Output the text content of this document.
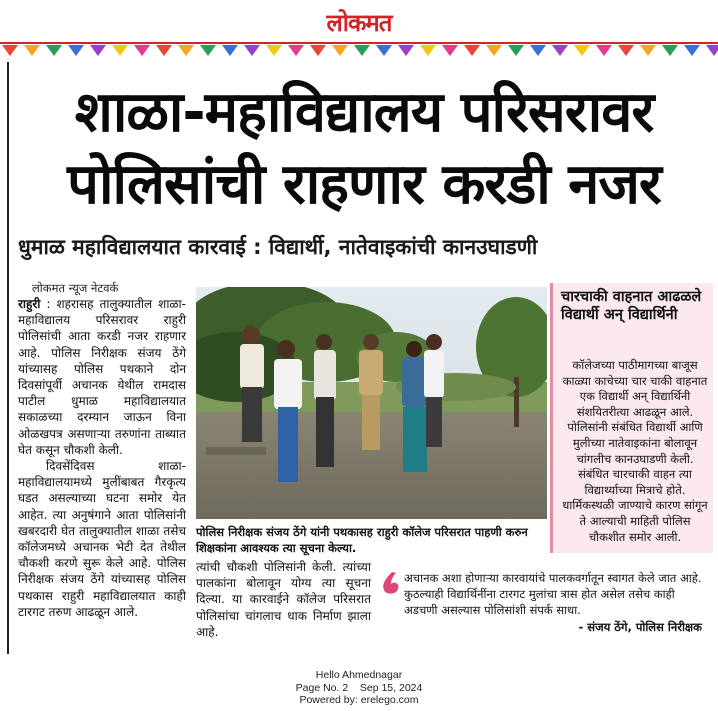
लोकमत
शाळा-महाविद्यालय परिसरावर
पोलिसांची राहणार करडी नजर
धुमाळ महाविद्यालयात कारवाई : विद्यार्थी, नातेवाइकांची कानउघाडणी
लोकमत न्यूज नेटवर्क

राहुरी : शहरासह तालुक्यातील शाळा-महाविद्यालय परिसरावर राहुरी पोलिसांची आता करडी नजर राहणार आहे. पोलिस निरीक्षक संजय ठेंगे यांच्यासह पोलिस पथकाने दोन दिवसांपूर्वी अचानक येथील रामदास पाटील धुमाळ महाविद्यालयात सकाळच्या दरम्यान जाऊन विना ओळखपत्र असणाऱ्या तरुणांना ताब्यात घेत कसून चौकशी केली.

दिवसेंदिवस शाळा-महाविद्यालयामध्ये मुलींबाबत गैरकृत्य घडत असल्याच्या घटना समोर येत आहेत. त्या अनुषंगाने आता पोलिसांनी खबरदारी घेत तालुक्यातील शाळा तसेच कॉलेजमध्ये अचानक भेटी देत तेथील चौकशी करणे सुरू केले आहे. पोलिस निरीक्षक संजय ठेंगे यांच्यासह पोलिस पथकास राहुरी महाविद्यालयात काही टारगट तरुण आढळून आले.

पोलिस निरीक्षक संजय ठेंगे यांनी पथकासह राहुरी कॉलेज परिसरात पाहणी करुन शिक्षकांना आवश्यक त्या सूचना केल्या.
त्यांची चौकशी पोलिसांनी केली. त्यांच्या पालकांना बोलावून योग्य त्या सूचना दिल्या. या कारवाईने कॉलेज परिसरात पोलिसांचा चांगलाच धाक निर्माण झाला आहे.
चारचाकी वाहनात आढळले विद्यार्थी अन् विद्यार्थिनी
कॉलेजच्या पाठीमागच्या बाजूस काळ्या काचेच्या चार चाकी वाहनात एक विद्यार्थी अन् विद्यार्थिनी संशयितरीत्या आढळून आले. पोलिसांनी संबंधित विद्यार्थी आणि मुलीच्या नातेवाइकांना बोलावून चांगलीच कानउघाडणी केली. संबंधित चारचाकी वाहन त्या विद्यार्थ्याच्या मित्राचे होते. धार्मिकस्थळी जाण्याचे कारण सांगून ते आल्याची माहिती पोलिस चौकशीत समोर आली.
अचानक अशा होणाऱ्या कारवायांचे पालकवर्गातून स्वागत केले जात आहे. कुठल्याही विद्यार्थिनींना टारगट मुलांचा त्रास होत असेल तसेच काही अडचणी असल्यास पोलिसांशी संपर्क साधा.
- संजय ठेंगे, पोलिस निरीक्षक
Hello Ahmednagar
Page No. 2    Sep 15, 2024
Powered by: erelego.com
